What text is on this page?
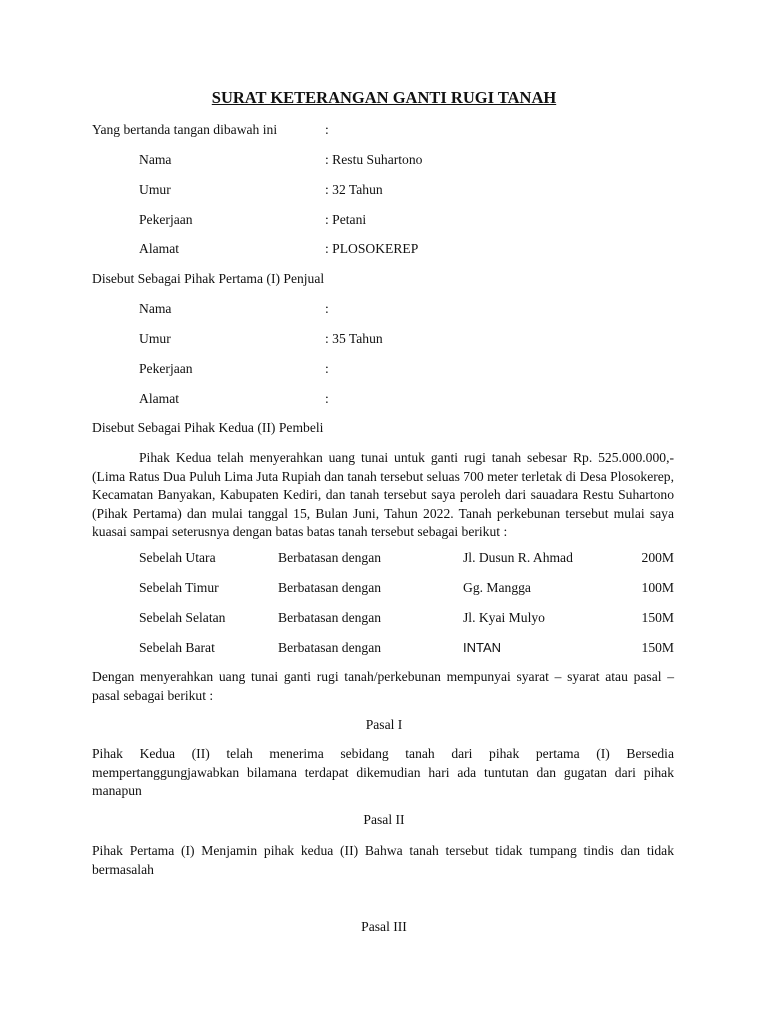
SURAT KETERANGAN GANTI RUGI TANAH
Yang bertanda tangan dibawah ini	:
Nama	: Restu Suhartono
Umur	: 32 Tahun
Pekerjaan	: Petani
Alamat	: PLOSOKEREP
Disebut Sebagai Pihak Pertama (I) Penjual
Nama	:
Umur	: 35 Tahun
Pekerjaan	:
Alamat	:
Disebut Sebagai Pihak Kedua (II) Pembeli
Pihak Kedua telah menyerahkan uang tunai untuk ganti rugi tanah sebesar Rp. 525.000.000,- (Lima Ratus Dua Puluh Lima Juta Rupiah dan tanah tersebut seluas 700 meter terletak di Desa Plosokerep, Kecamatan Banyakan, Kabupaten Kediri, dan tanah tersebut saya peroleh dari sauadara Restu Suhartono (Pihak Pertama) dan mulai tanggal 15, Bulan Juni, Tahun 2022. Tanah perkebunan tersebut mulai saya kuasai sampai seterusnya dengan batas batas tanah tersebut sebagai berikut :
Sebelah Utara	Berbatasan dengan	Jl. Dusun R. Ahmad	200M
Sebelah Timur	Berbatasan dengan	Gg. Mangga	100M
Sebelah Selatan	Berbatasan dengan	Jl. Kyai Mulyo	150M
Sebelah Barat	Berbatasan dengan	INTAN	150M
Dengan menyerahkan uang tunai ganti rugi tanah/perkebunan mempunyai syarat – syarat atau pasal – pasal sebagai berikut :
Pasal I
Pihak Kedua (II) telah menerima sebidang tanah dari pihak pertama (I) Bersedia mempertanggungjawabkan bilamana terdapat dikemudian hari ada tuntutan dan gugatan dari pihak manapun
Pasal II
Pihak Pertama (I) Menjamin pihak kedua (II) Bahwa tanah tersebut tidak tumpang tindis dan tidak bermasalah
Pasal III
